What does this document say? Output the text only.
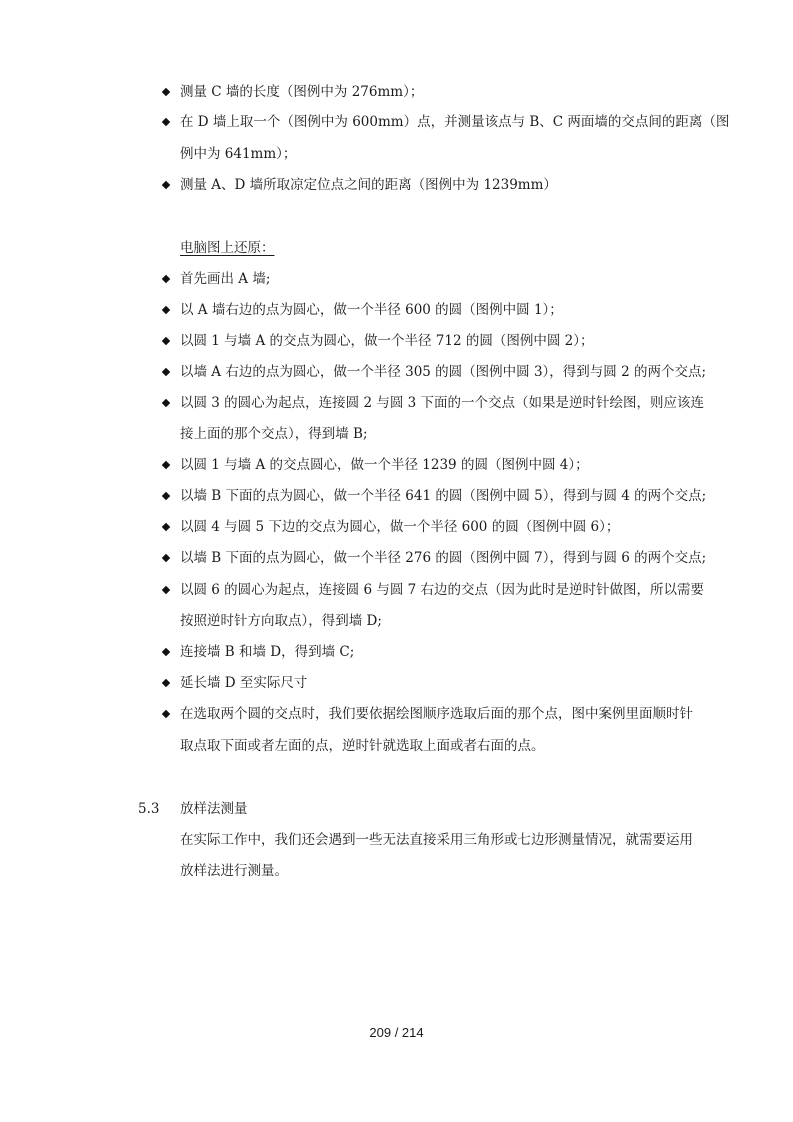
测量 C 墙的长度（图例中为 276mm）；
在 D 墙上取一个（图例中为 600mm）点，并测量该点与 B、C 两面墙的交点间的距离（图
例中为 641mm）；
测量 A、D 墙所取凉定位点之间的距离（图例中为 1239mm）
电脑图上还原：
首先画出 A 墙;
以 A 墙右边的点为圆心，做一个半径 600 的圆（图例中圆 1）；
以圆 1 与墙 A 的交点为圆心，做一个半径 712 的圆（图例中圆 2）；
以墙 A 右边的点为圆心，做一个半径 305 的圆（图例中圆 3），得到与圆 2 的两个交点;
以圆 3 的圆心为起点，连接圆 2 与圆 3 下面的一个交点（如果是逆时针绘图，则应该连
接上面的那个交点），得到墙 B;
以圆 1 与墙 A 的交点圆心，做一个半径 1239 的圆（图例中圆 4）；
以墙 B 下面的点为圆心，做一个半径 641 的圆（图例中圆 5），得到与圆 4 的两个交点;
以圆 4 与圆 5 下边的交点为圆心，做一个半径 600 的圆（图例中圆 6）；
以墙 B 下面的点为圆心，做一个半径 276 的圆（图例中圆 7），得到与圆 6 的两个交点;
以圆 6 的圆心为起点，连接圆 6 与圆 7 右边的交点（因为此时是逆时针做图，所以需要
按照逆时针方向取点），得到墙 D;
连接墙 B 和墙 D，得到墙 C;
延长墙 D 至实际尺寸
在选取两个圆的交点时，我们要依据绘图顺序选取后面的那个点，图中案例里面顺时针
取点取下面或者左面的点，逆时针就选取上面或者右面的点。
5.3 放样法测量
在实际工作中，我们还会遇到一些无法直接采用三角形或七边形测量情况，就需要运用
放样法进行测量。
209 / 214
